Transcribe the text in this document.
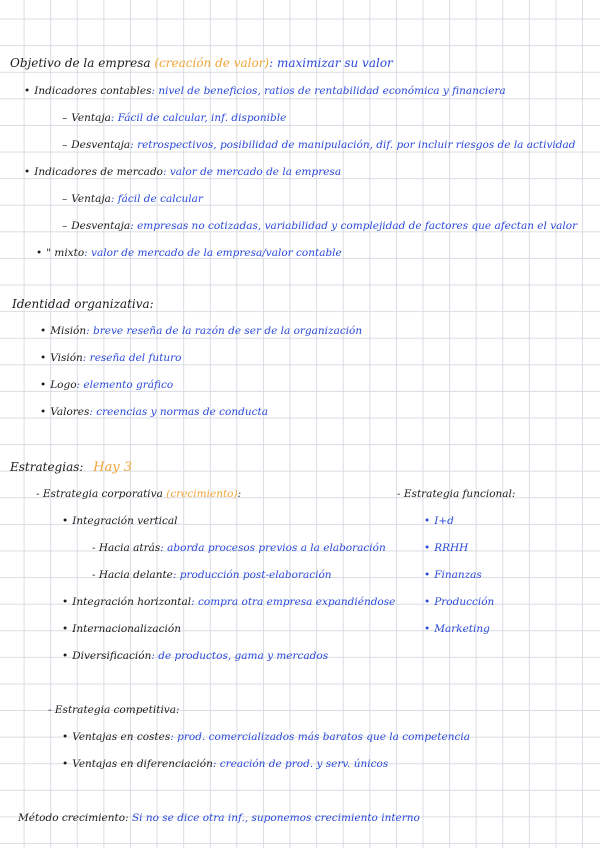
Objetivo de la empresa (creación de valor): maximizar su valor
• Indicadores contables: nivel de beneficios, ratios de rentabilidad económica y financiera
– Ventaja: Fácil de calcular, inf. disponible
– Desventaja: retrospectivos, posibilidad de manipulación, dif. por incluir riesgos de la actividad
• Indicadores de mercado: valor de mercado de la empresa
– Ventaja: fácil de calcular
– Desventaja: empresas no cotizadas, variabilidad y complejidad de factores que afectan el valor
• " mixto: valor de mercado de la empresa/valor contable
Identidad organizativa:
• Misión: breve reseña de la razón de ser de la organización
• Visión: reseña del futuro
• Logo: elemento gráfico
• Valores: creencias y normas de conducta
Estrategias: Hay 3
- Estrategia corporativa (crecimiento):
• Integración vertical
- Hacia atrás: aborda procesos previos a la elaboración
- Hacia delante: producción post-elaboración
• Integración horizontal: compra otra empresa expandiéndose
• Internacionalización
• Diversificación: de productos, gama y mercados
- Estrategia funcional:
• I+d
• RRHH
• Finanzas
• Producción
• Marketing
- Estrategia competitiva:
• Ventajas en costes: prod. comercializados más baratos que la competencia
• Ventajas en diferenciación: creación de prod. y serv. únicos
Método crecimiento: Si no se dice otra inf., suponemos crecimiento interno
